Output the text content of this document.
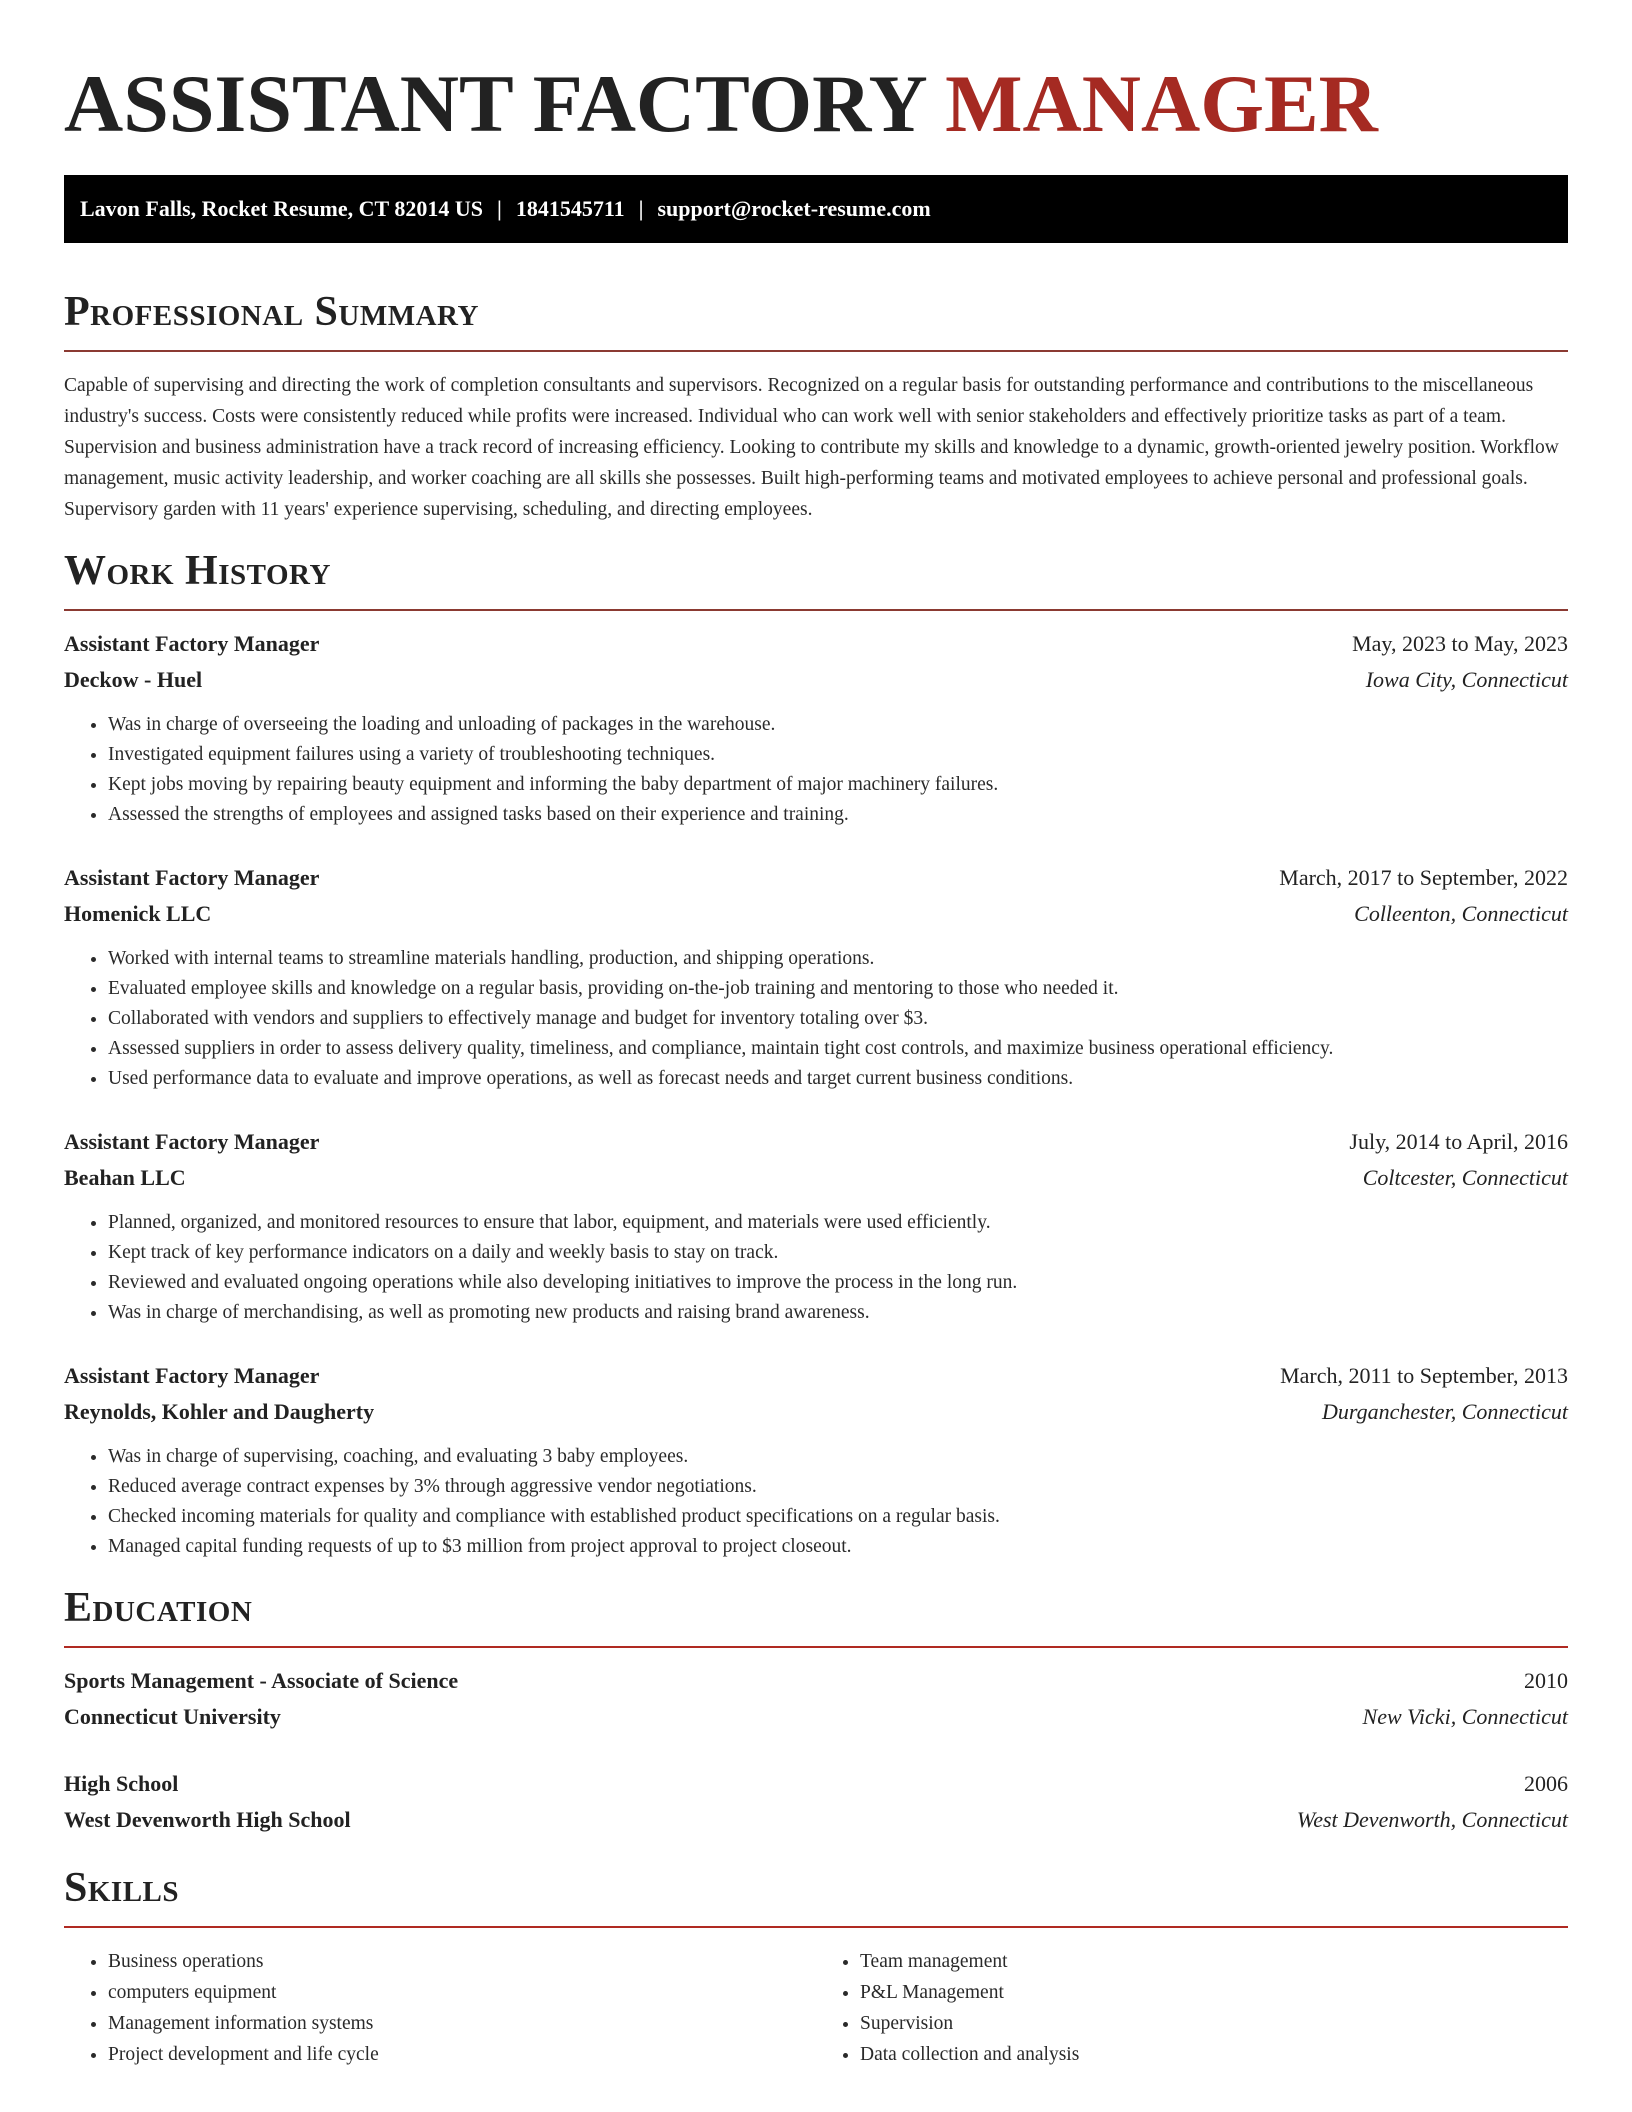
ASSISTANT FACTORY MANAGER
Lavon Falls, Rocket Resume, CT 82014 US | 1841545711 | support@rocket-resume.com
Professional Summary

Capable of supervising and directing the work of completion consultants and supervisors. Recognized on a regular basis for outstanding performance and contributions to the miscellaneous industry's success. Costs were consistently reduced while profits were increased. Individual who can work well with senior stakeholders and effectively prioritize tasks as part of a team. Supervision and business administration have a track record of increasing efficiency. Looking to contribute my skills and knowledge to a dynamic, growth-oriented jewelry position. Workflow management, music activity leadership, and worker coaching are all skills she possesses. Built high-performing teams and motivated employees to achieve personal and professional goals. Supervisory garden with 11 years' experience supervising, scheduling, and directing employees.

Work History
Assistant Factory Manager	May, 2023 to May, 2023
Deckow - Huel	Iowa City, Connecticut
• Was in charge of overseeing the loading and unloading of packages in the warehouse.
• Investigated equipment failures using a variety of troubleshooting techniques.
• Kept jobs moving by repairing beauty equipment and informing the baby department of major machinery failures.
• Assessed the strengths of employees and assigned tasks based on their experience and training.
Assistant Factory Manager	March, 2017 to September, 2022
Homenick LLC	Colleenton, Connecticut
• Worked with internal teams to streamline materials handling, production, and shipping operations.
• Evaluated employee skills and knowledge on a regular basis, providing on-the-job training and mentoring to those who needed it.
• Collaborated with vendors and suppliers to effectively manage and budget for inventory totaling over $3.
• Assessed suppliers in order to assess delivery quality, timeliness, and compliance, maintain tight cost controls, and maximize business operational efficiency.
• Used performance data to evaluate and improve operations, as well as forecast needs and target current business conditions.
Assistant Factory Manager	July, 2014 to April, 2016
Beahan LLC	Coltcester, Connecticut
• Planned, organized, and monitored resources to ensure that labor, equipment, and materials were used efficiently.
• Kept track of key performance indicators on a daily and weekly basis to stay on track.
• Reviewed and evaluated ongoing operations while also developing initiatives to improve the process in the long run.
• Was in charge of merchandising, as well as promoting new products and raising brand awareness.
Assistant Factory Manager	March, 2011 to September, 2013
Reynolds, Kohler and Daugherty	Durganchester, Connecticut
• Was in charge of supervising, coaching, and evaluating 3 baby employees.
• Reduced average contract expenses by 3% through aggressive vendor negotiations.
• Checked incoming materials for quality and compliance with established product specifications on a regular basis.
• Managed capital funding requests of up to $3 million from project approval to project closeout.
Education
Sports Management - Associate of Science	2010
Connecticut University	New Vicki, Connecticut
High School	2006
West Devenworth High School	West Devenworth, Connecticut
Skills
• Business operations
• computers equipment
• Management information systems
• Project development and life cycle
• Team management
• P&L Management
• Supervision
• Data collection and analysis
